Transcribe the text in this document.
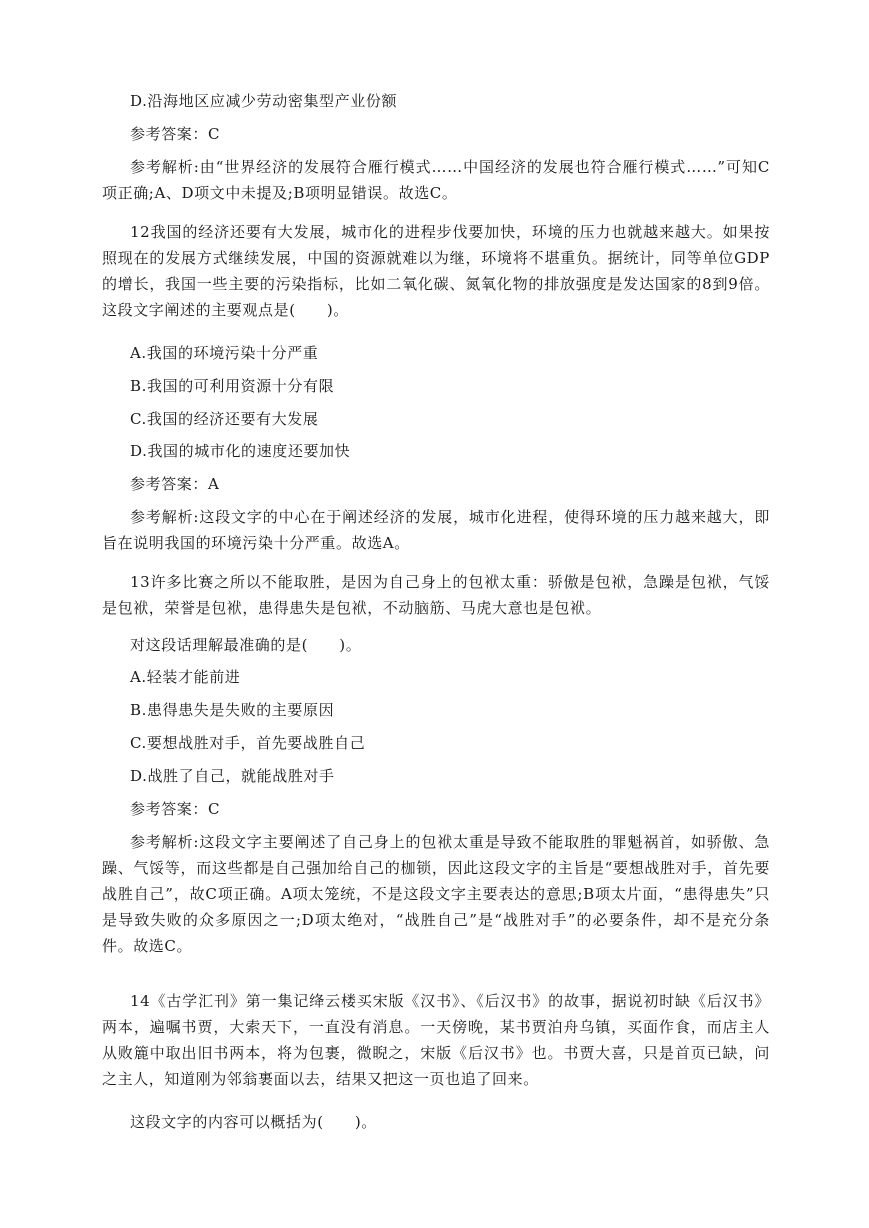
D.沿海地区应减少劳动密集型产业份额

参考答案：C

参考解析:由“世界经济的发展符合雁行模式……中国经济的发展也符合雁行模式……”可知C项正确;A、D项文中未提及;B项明显错误。故选C。

12我国的经济还要有大发展，城市化的进程步伐要加快，环境的压力也就越来越大。如果按照现在的发展方式继续发展，中国的资源就难以为继，环境将不堪重负。据统计，同等单位GDP的增长，我国一些主要的污染指标，比如二氧化碳、氮氧化物的排放强度是发达国家的8到9倍。这段文字阐述的主要观点是(　　)。

A.我国的环境污染十分严重

B.我国的可利用资源十分有限

C.我国的经济还要有大发展

D.我国的城市化的速度还要加快

参考答案：A

参考解析:这段文字的中心在于阐述经济的发展，城市化进程，使得环境的压力越来越大，即旨在说明我国的环境污染十分严重。故选A。

13许多比赛之所以不能取胜，是因为自己身上的包袱太重：骄傲是包袱，急躁是包袱，气馁是包袱，荣誉是包袱，患得患失是包袱，不动脑筋、马虎大意也是包袱。

对这段话理解最准确的是(　　)。

A.轻装才能前进

B.患得患失是失败的主要原因

C.要想战胜对手，首先要战胜自己

D.战胜了自己，就能战胜对手

参考答案：C

参考解析:这段文字主要阐述了自己身上的包袱太重是导致不能取胜的罪魁祸首，如骄傲、急躁、气馁等，而这些都是自己强加给自己的枷锁，因此这段文字的主旨是“要想战胜对手，首先要战胜自己”，故C项正确。A项太笼统，不是这段文字主要表达的意思;B项太片面，“患得患失”只是导致失败的众多原因之一;D项太绝对，“战胜自己”是“战胜对手”的必要条件，却不是充分条件。故选C。

14《古学汇刊》第一集记绛云楼买宋版《汉书》、《后汉书》的故事，据说初时缺《后汉书》两本，遍嘱书贾，大索天下，一直没有消息。一天傍晚，某书贾泊舟乌镇，买面作食，而店主人从败簏中取出旧书两本，将为包裹，微睨之，宋版《后汉书》也。书贾大喜，只是首页已缺，问之主人，知道刚为邻翁裹面以去，结果又把这一页也追了回来。

这段文字的内容可以概括为(　　)。
